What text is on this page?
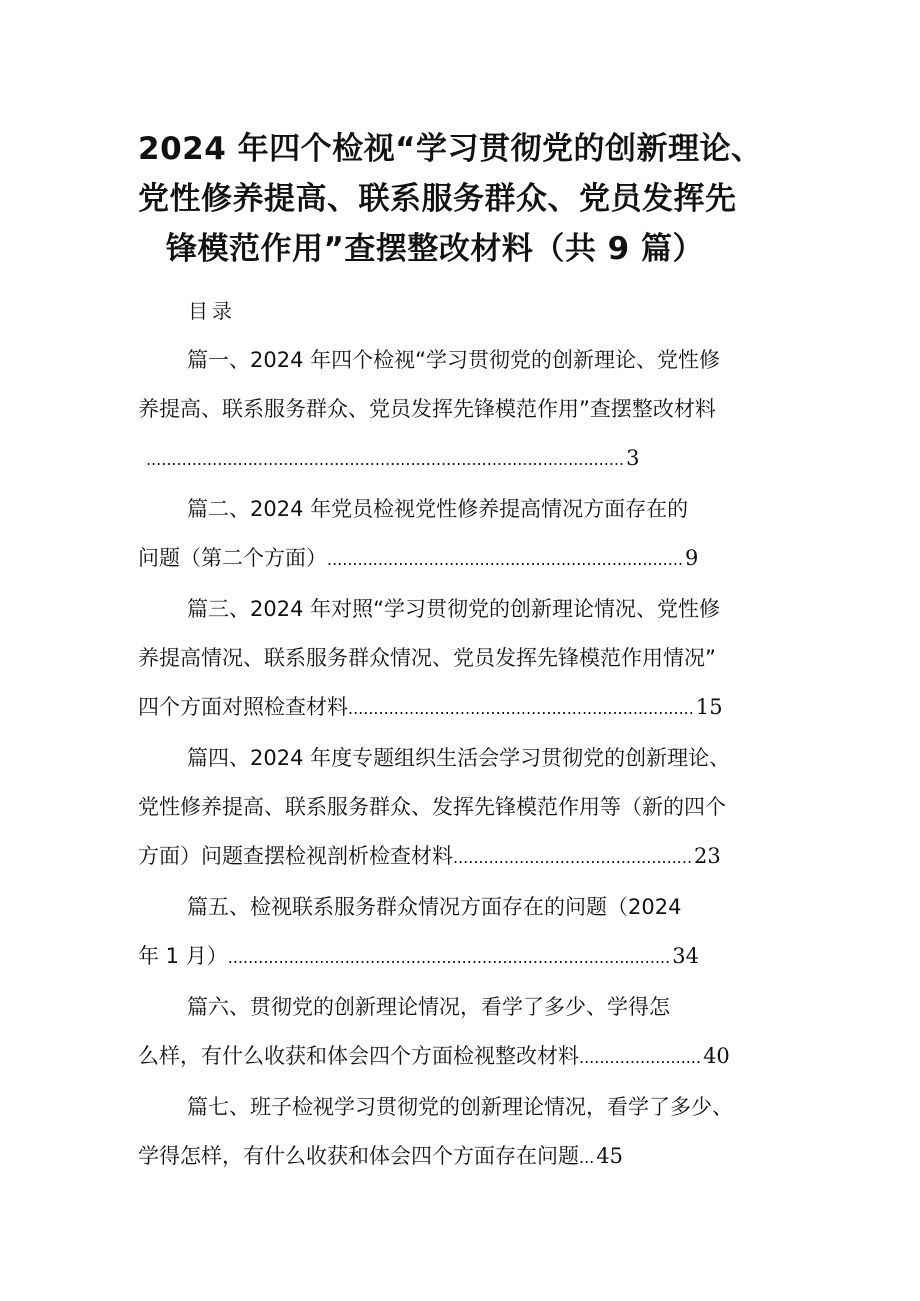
2024 年四个检视“学习贯彻党的创新理论、
党性修养提高、联系服务群众、党员发挥先
锋模范作用”查摆整改材料（共 9 篇）
目录
篇一、2024 年四个检视“学习贯彻党的创新理论、党性修
养提高、联系服务群众、党员发挥先锋模范作用”查摆整改材料
.............................................................................................. 3
篇二、2024 年党员检视党性修养提高情况方面存在的
问题（第二个方面） ...................................................................... 9
篇三、2024 年对照“学习贯彻党的创新理论情况、党性修
养提高情况、联系服务群众情况、党员发挥先锋模范作用情况”
四个方面对照检查材料 .................................................................... 15
篇四、2024 年度专题组织生活会学习贯彻党的创新理论、
党性修养提高、联系服务群众、发挥先锋模范作用等（新的四个
方面）问题查摆检视剖析检查材料 ............................................... 23
篇五、检视联系服务群众情况方面存在的问题（2024
年 1 月） ....................................................................................... 34
篇六、贯彻党的创新理论情况，看学了多少、学得怎
么样，有什么收获和体会四个方面检视整改材料 ........................ 40
篇七、班子检视学习贯彻党的创新理论情况，看学了多少、
学得怎样，有什么收获和体会四个方面存在问题 ... 45
